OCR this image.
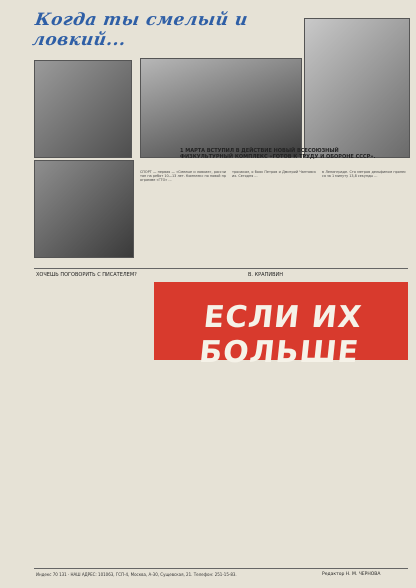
Когда ты смелый и ловкий...
1 МАРТА ВСТУПИЛ В ДЕЙСТВИЕ НОВЫЙ ВСЕСОЮЗНЫЙ ФИЗКУЛЬТУРНЫЙ КОМПЛЕКС «ГОТОВ К ТРУДУ И ОБОРОНЕ СССР».
СПОРТ — первая — «Смелые и ловкие», рассчитан на ребят 10—13 лет. Комплекс по новой программе «ГТО» ...
тросиком, о боях Петров и Дмитрий Чантовских. Сегодня ...
в Ленинграде. Сто метров дельфином пронесся за 1 минуту 13,8 секунды ...
ХОЧЕШЬ ПОГОВОРИТЬ С ПИСАТЕЛЕМ?	В. КРАПИВИН
ЕСЛИ ИХ БОЛЬШЕ
Индекс 70 131 · НАШ АДРЕС: 101063, ГСП-4, Москва, А-30, Сущевская, 21. Телефон: 251-15-83.	Редактор Н. М. ЧЕРНОВА
